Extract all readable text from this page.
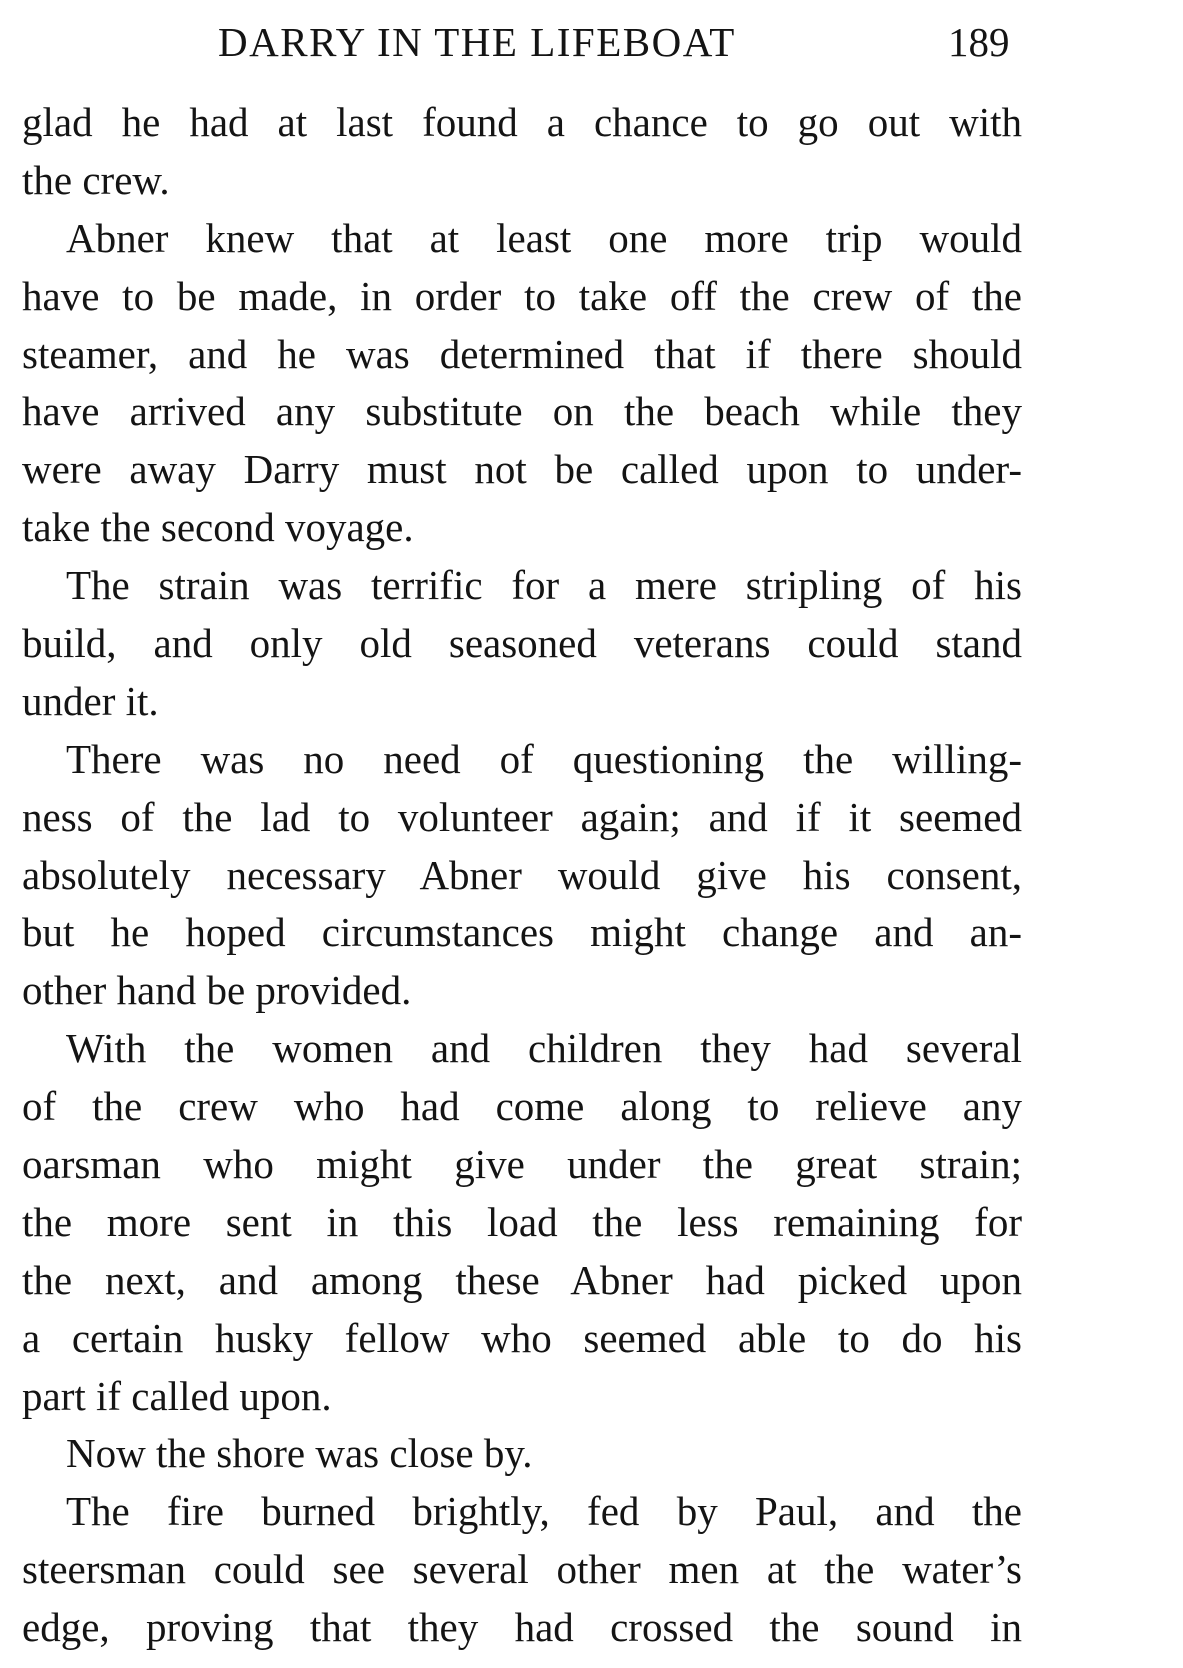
DARRY IN THE LIFEBOAT	189
glad he had at last found a chance to go out with
the crew.
Abner knew that at least one more trip would
have to be made, in order to take off the crew of the
steamer, and he was determined that if there should
have arrived any substitute on the beach while they
were away Darry must not be called upon to under-
take the second voyage.
The strain was terrific for a mere stripling of his
build, and only old seasoned veterans could stand
under it.
There was no need of questioning the willing-
ness of the lad to volunteer again; and if it seemed
absolutely necessary Abner would give his consent,
but he hoped circumstances might change and an-
other hand be provided.
With the women and children they had several
of the crew who had come along to relieve any
oarsman who might give under the great strain;
the more sent in this load the less remaining for
the next, and among these Abner had picked upon
a certain husky fellow who seemed able to do his
part if called upon.
Now the shore was close by.
The fire burned brightly, fed by Paul, and the
steersman could see several other men at the water’s
edge, proving that they had crossed the sound in
